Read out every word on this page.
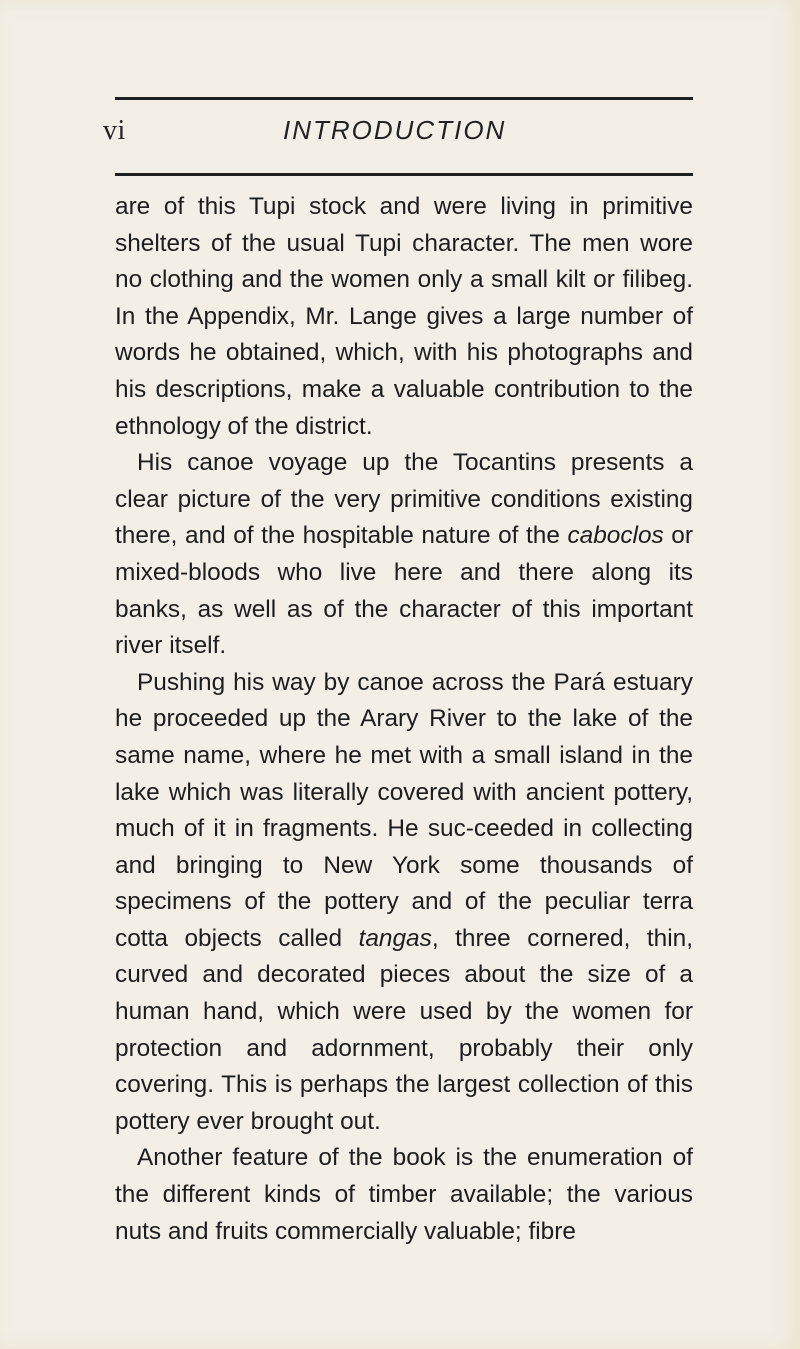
vi	INTRODUCTION

are of this Tupi stock and were living in primitive shelters of the usual Tupi character. The men wore no clothing and the women only a small kilt or filibeg. In the Appendix, Mr. Lange gives a large number of words he obtained, which, with his photographs and his descriptions, make a valuable contribution to the ethnology of the district.

His canoe voyage up the Tocantins presents a clear picture of the very primitive conditions existing there, and of the hospitable nature of the caboclos or mixed-bloods who live here and there along its banks, as well as of the character of this important river itself.

Pushing his way by canoe across the Pará estuary he proceeded up the Arary River to the lake of the same name, where he met with a small island in the lake which was literally covered with ancient pottery, much of it in fragments. He suc-ceeded in collecting and bringing to New York some thousands of specimens of the pottery and of the peculiar terra cotta objects called tangas, three cornered, thin, curved and decorated pieces about the size of a human hand, which were used by the women for protection and adornment, probably their only covering. This is perhaps the largest collection of this pottery ever brought out.

Another feature of the book is the enumeration of the different kinds of timber available; the various nuts and fruits commercially valuable; fibre
